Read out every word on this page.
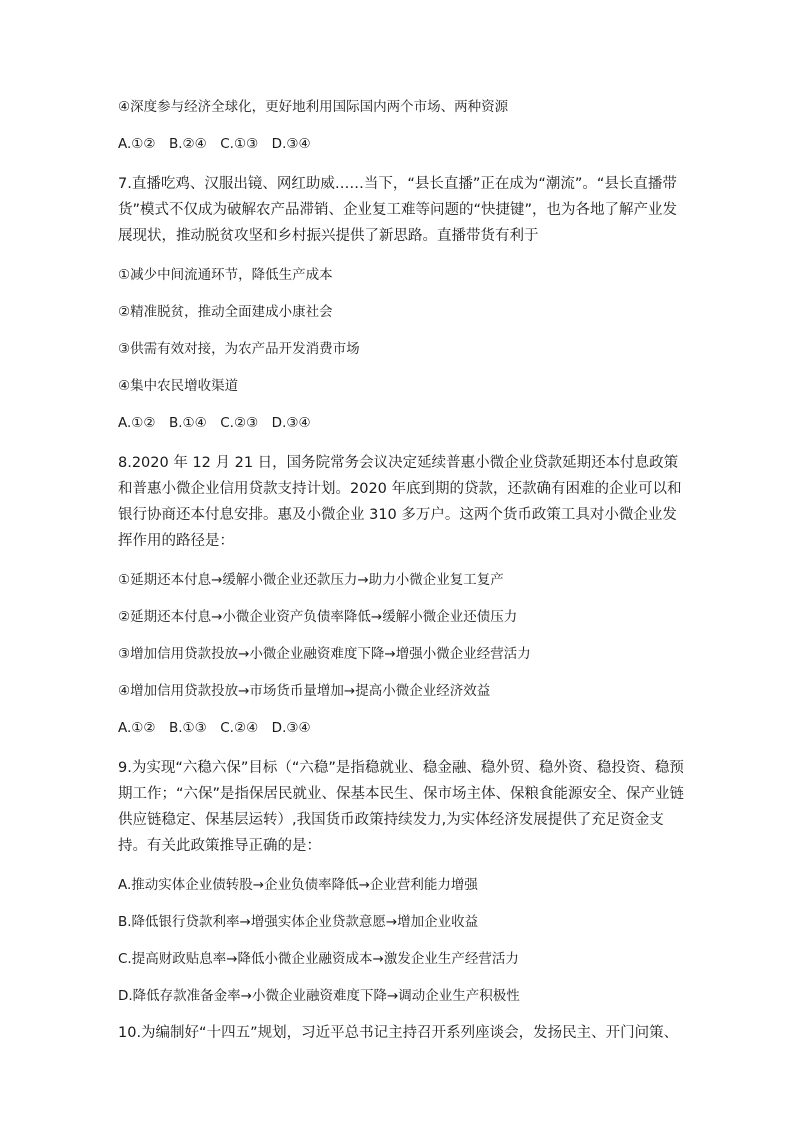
④深度参与经济全球化，更好地利用国际国内两个市场、两种资源

A.①②　B.②④　C.①③　D.③④

7.直播吃鸡、汉服出镜、网红助威……当下，“县长直播”正在成为“潮流”。“县长直播带货”模式不仅成为破解农产品滞销、企业复工难等问题的“快捷键”，也为各地了解产业发展现状，推动脱贫攻坚和乡村振兴提供了新思路。直播带货有利于

①减少中间流通环节，降低生产成本

②精准脱贫，推动全面建成小康社会

③供需有效对接，为农产品开发消费市场

④集中农民增收渠道

A.①②　B.①④　C.②③　D.③④

8.2020 年 12 月 21 日，国务院常务会议决定延续普惠小微企业贷款延期还本付息政策和普惠小微企业信用贷款支持计划。2020 年底到期的贷款，还款确有困难的企业可以和银行协商还本付息安排。惠及小微企业 310 多万户。这两个货币政策工具对小微企业发挥作用的路径是：

①延期还本付息→缓解小微企业还款压力→助力小微企业复工复产

②延期还本付息→小微企业资产负债率降低→缓解小微企业还债压力

③增加信用贷款投放→小微企业融资难度下降→增强小微企业经营活力

④增加信用贷款投放→市场货币量增加→提高小微企业经济效益

A.①②　B.①③　C.②④　D.③④

9.为实现“六稳六保”目标（“六稳”是指稳就业、稳金融、稳外贸、稳外资、稳投资、稳预期工作；“六保”是指保居民就业、保基本民生、保市场主体、保粮食能源安全、保产业链供应链稳定、保基层运转）,我国货币政策持续发力,为实体经济发展提供了充足资金支持。有关此政策推导正确的是：

A.推动实体企业债转股→企业负债率降低→企业营利能力增强

B.降低银行贷款利率→增强实体企业贷款意愿→增加企业收益

C.提高财政贴息率→降低小微企业融资成本→激发企业生产经营活力

D.降低存款准备金率→小微企业融资难度下降→调动企业生产积极性

10.为编制好“十四五”规划，习近平总书记主持召开系列座谈会，发扬民主、开门问策、
